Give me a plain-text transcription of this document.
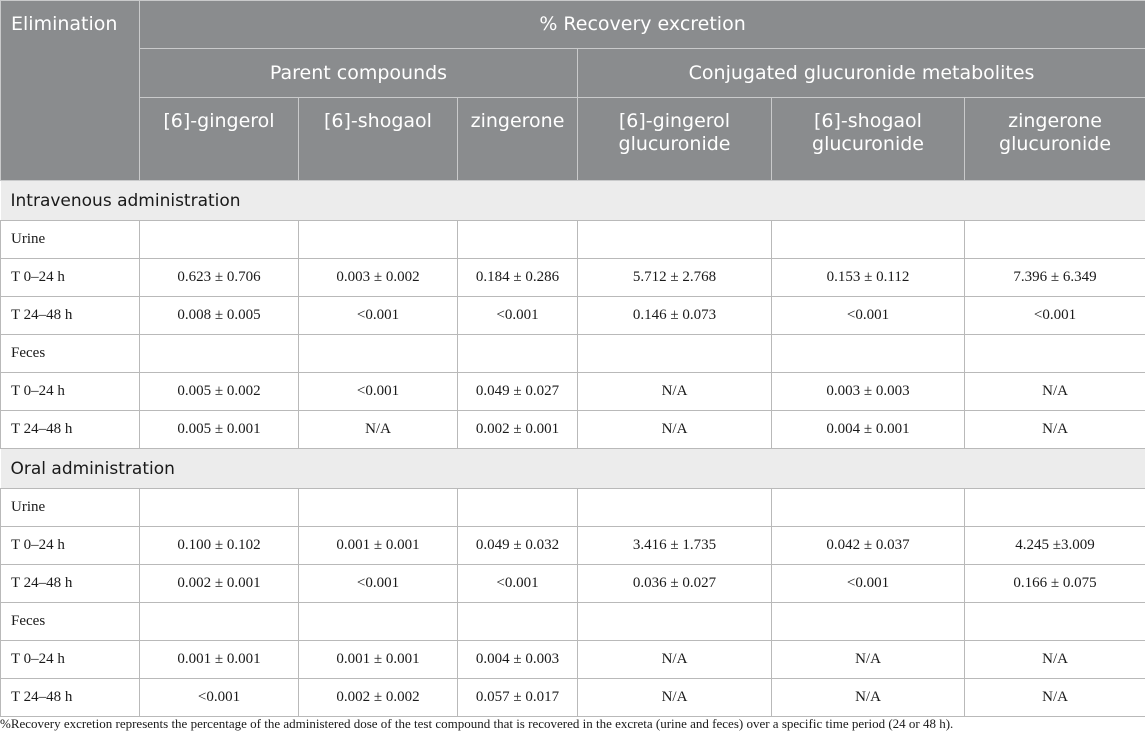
Elimination	% Recovery excretion					
	Parent compounds			Conjugated glucuronide metabolites		
	[6]-gingerol	[6]-shogaol	zingerone	[6]-gingerol glucuronide	[6]-shogaol glucuronide	zingerone glucuronide
Intravenous administration						
Urine						
T 0–24 h	0.623 ± 0.706	0.003 ± 0.002	0.184 ± 0.286	5.712 ± 2.768	0.153 ± 0.112	7.396 ± 6.349
T 24–48 h	0.008 ± 0.005	<0.001	<0.001	0.146 ± 0.073	<0.001	<0.001
Feces						
T 0–24 h	0.005 ± 0.002	<0.001	0.049 ± 0.027	N/A	0.003 ± 0.003	N/A
T 24–48 h	0.005 ± 0.001	N/A	0.002 ± 0.001	N/A	0.004 ± 0.001	N/A
Oral administration						
Urine						
T 0–24 h	0.100 ± 0.102	0.001 ± 0.001	0.049 ± 0.032	3.416 ± 1.735	0.042 ± 0.037	4.245 ±3.009
T 24–48 h	0.002 ± 0.001	<0.001	<0.001	0.036 ± 0.027	<0.001	0.166 ± 0.075
Feces						
T 0–24 h	0.001 ± 0.001	0.001 ± 0.001	0.004 ± 0.003	N/A	N/A	N/A
T 24–48 h	<0.001	0.002 ± 0.002	0.057 ± 0.017	N/A	N/A	N/A
%Recovery excretion represents the percentage of the administered dose of the test compound that is recovered in the excreta (urine and feces) over a specific time period (24 or 48 h).
